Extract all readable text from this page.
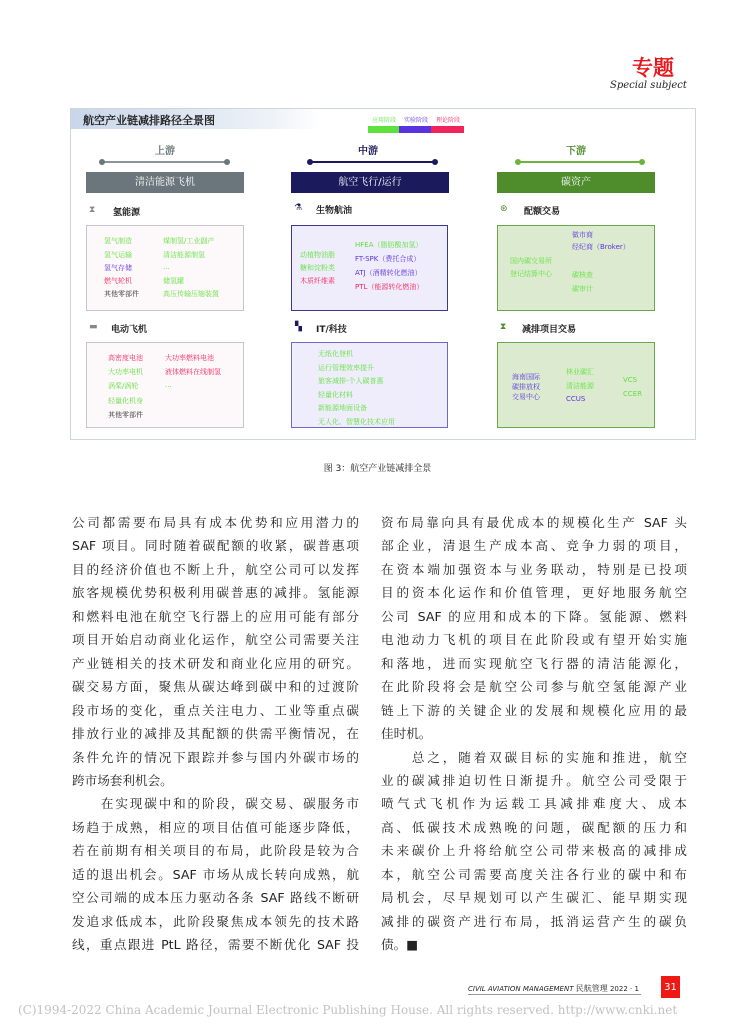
专题
Special subject
航空产业链减排路径全景图	应用阶段 实验阶段 理论阶段
上游	中游	下游
清洁能源飞机	航空飞行/运行	碳资产
⧗ 氢能源	⚗ 生物航油	⊛ 配额交易
▬ 电动飞机	▚ IT/科技	⧗ 减排项目交易
氢气制造
氢气运输
氢气存储
燃气轮机
其他零部件
煤制氢/工业副产
清洁能源制氢
...
储氢罐
高压传输压缩装置
动植物油脂
糖和淀粉类
木质纤维素
HFEA（脂肪酸加氢）
FT-SPK（费托合成）
ATJ（酒精转化燃油）
PTL（能源转化燃油）
国内碳交易所
登记结算中心
做市商
经纪商（Broker）
碳核查
碳审计
高密度电池
大功率电机
涡桨/涡轮
轻量化机身
其他零部件
大功率燃料电池
液体燃料在线制氢
...
无纸化登机
运行管理效率提升
旅客减排-个人碳普惠
轻量化材料
新能源地面设备
无人化、智慧化技术应用
海南国际
碳排放权
交易中心
林业碳汇
清洁能源
CCUS
VCS
CCER
图 3：航空产业链减排全景
公司都需要布局具有成本优势和应用潜力的
SAF 项目。同时随着碳配额的收紧，碳普惠项
目的经济价值也不断上升，航空公司可以发挥
旅客规模优势积极利用碳普惠的减排。氢能源
和燃料电池在航空飞行器上的应用可能有部分
项目开始启动商业化运作，航空公司需要关注
产业链相关的技术研发和商业化应用的研究。
碳交易方面，聚焦从碳达峰到碳中和的过渡阶
段市场的变化，重点关注电力、工业等重点碳
排放行业的减排及其配额的供需平衡情况，在
条件允许的情况下跟踪并参与国内外碳市场的
跨市场套利机会。
　　在实现碳中和的阶段，碳交易、碳服务市
场趋于成熟，相应的项目估值可能逐步降低，
若在前期有相关项目的布局，此阶段是较为合
适的退出机会。SAF 市场从成长转向成熟，航
空公司端的成本压力驱动各条 SAF 路线不断研
发追求低成本，此阶段聚焦成本领先的技术路
线，重点跟进 PtL 路径，需要不断优化 SAF 投
资布局靠向具有最优成本的规模化生产 SAF 头
部企业，清退生产成本高、竞争力弱的项目，
在资本端加强资本与业务联动，特别是已投项
目的资本化运作和价值管理，更好地服务航空
公司 SAF 的应用和成本的下降。氢能源、燃料
电池动力飞机的项目在此阶段或有望开始实施
和落地，进而实现航空飞行器的清洁能源化，
在此阶段将会是航空公司参与航空氢能源产业
链上下游的关键企业的发展和规模化应用的最
佳时机。
　　总之，随着双碳目标的实施和推进，航空
业的碳减排迫切性日渐提升。航空公司受限于
喷气式飞机作为运载工具减排难度大、成本
高、低碳技术成熟晚的问题，碳配额的压力和
未来碳价上升将给航空公司带来极高的减排成
本，航空公司需要高度关注各行业的碳中和布
局机会，尽早规划可以产生碳汇、能早期实现
减排的碳资产进行布局，抵消运营产生的碳负
债。■
CIVIL AVIATION MANAGEMENT 民航管理 2022 · 1	31
(C)1994-2022 China Academic Journal Electronic Publishing House. All rights reserved. http://www.cnki.net
